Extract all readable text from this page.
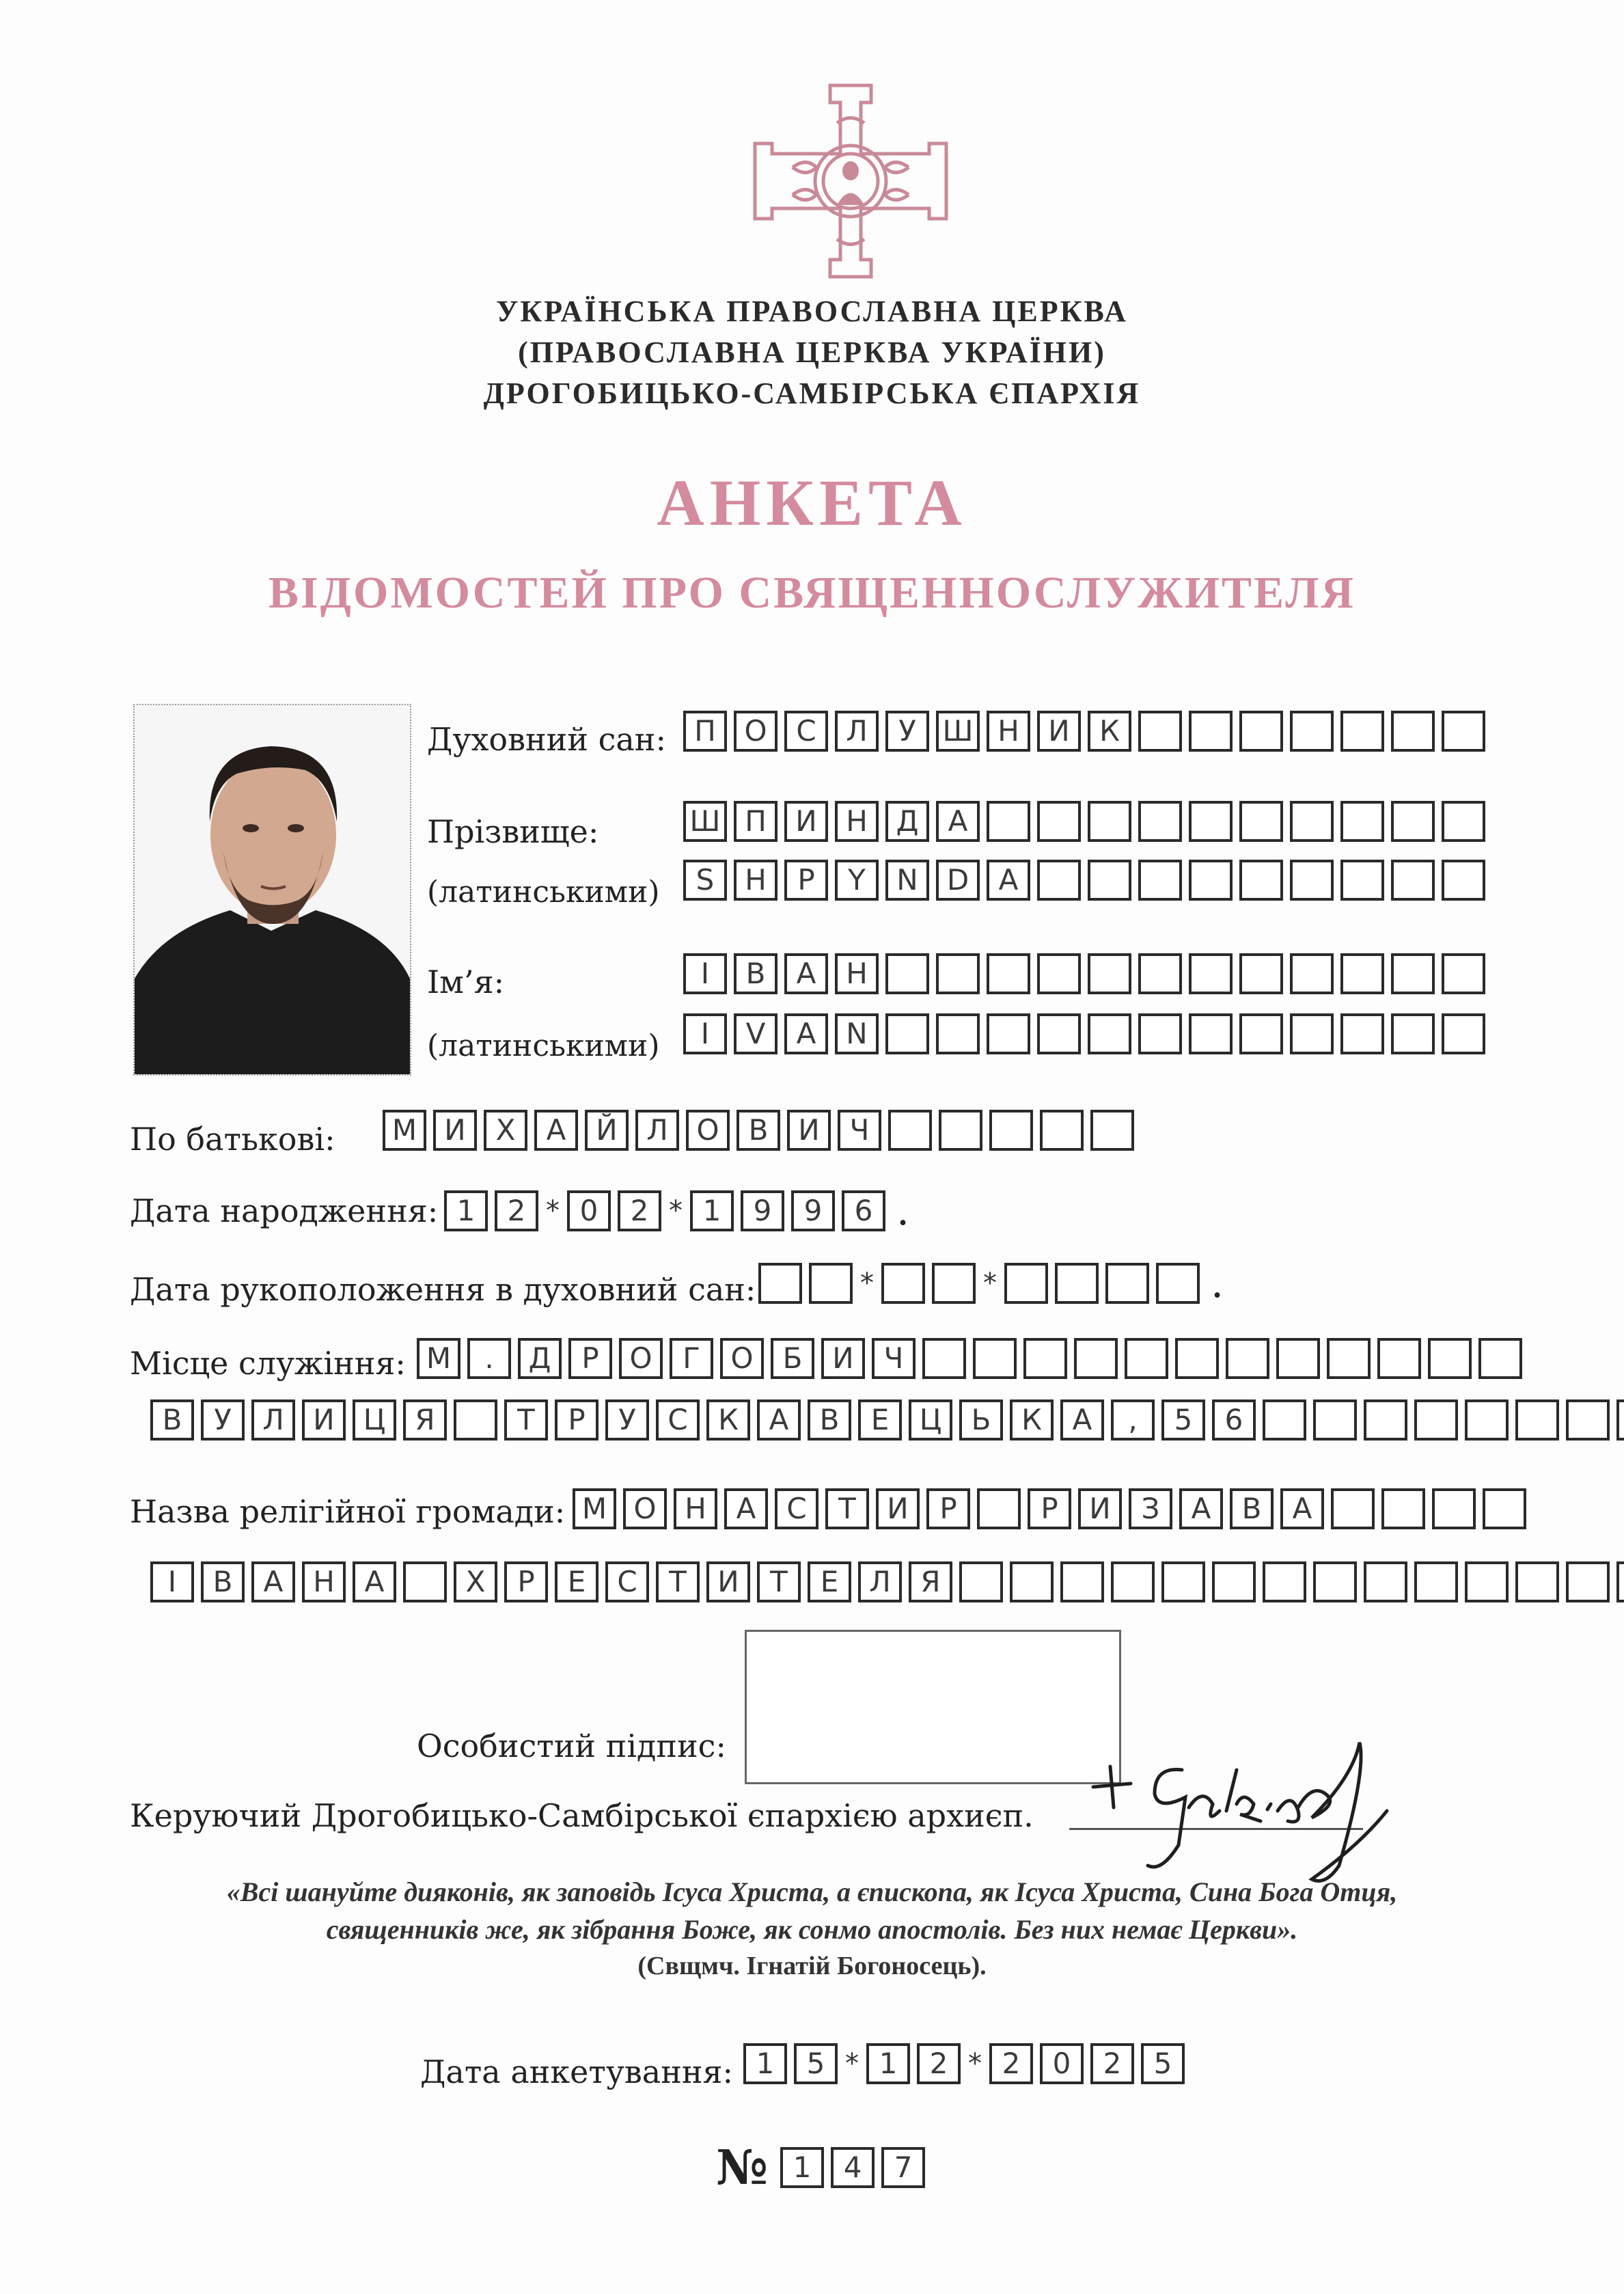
УКРАЇНСЬКА ПРАВОСЛАВНА ЦЕРКВА
(ПРАВОСЛАВНА ЦЕРКВА УКРАЇНИ)
ДРОГОБИЦЬКО-САМБІРСЬКА ЄПАРХІЯ
АНКЕТА
ВІДОМОСТЕЙ ПРО СВЯЩЕННОСЛУЖИТЕЛЯ
Духовний сан: П О	С	Л	У Ш Н	И	К
Прізвище:	Ш П	И	Н Д	А
(латинськими)	S	H	P	Y	N	D	A
Ім’я:	І	В	А	Н
(латинськими)	I	V	A	N
По батькові:	М И	Х	А	Й	Л О	В	И	Ч
Дата народження: 1	2 * 0	2 * 1	9	9	6 .
Дата рукоположення в духовний сан:	*	*	.
Місце служіння: М	.	Д	Р	О	Г	О	Б	И	Ч
В	У	Л	И Ц	Я	Т	Р	У	С	К	А	В	Е	Ц	Ь	К	А	,	5	6
Назва релігійної громади: М О Н	А	С	Т	И	Р	Р	И	З	А	В	А
І	В	А	Н	А	Х	Р	Е	С	Т	И	Т	Е	Л	Я
Особистий підпис:
Керуючий Дрогобицько-Самбірської єпархією архиєп.
«Всі шануйте дияконів, як заповідь Ісуса Христа, а єпископа, як Ісуса Христа, Сина Бога Отця,
священників же, як зібрання Боже, як сонмо апостолів. Без них немає Церкви».
(Свщмч. Ігнатій Богоносець).
Дата анкетування: 1	5 * 1	2 * 2	0	2	5
№ 1	4	7
